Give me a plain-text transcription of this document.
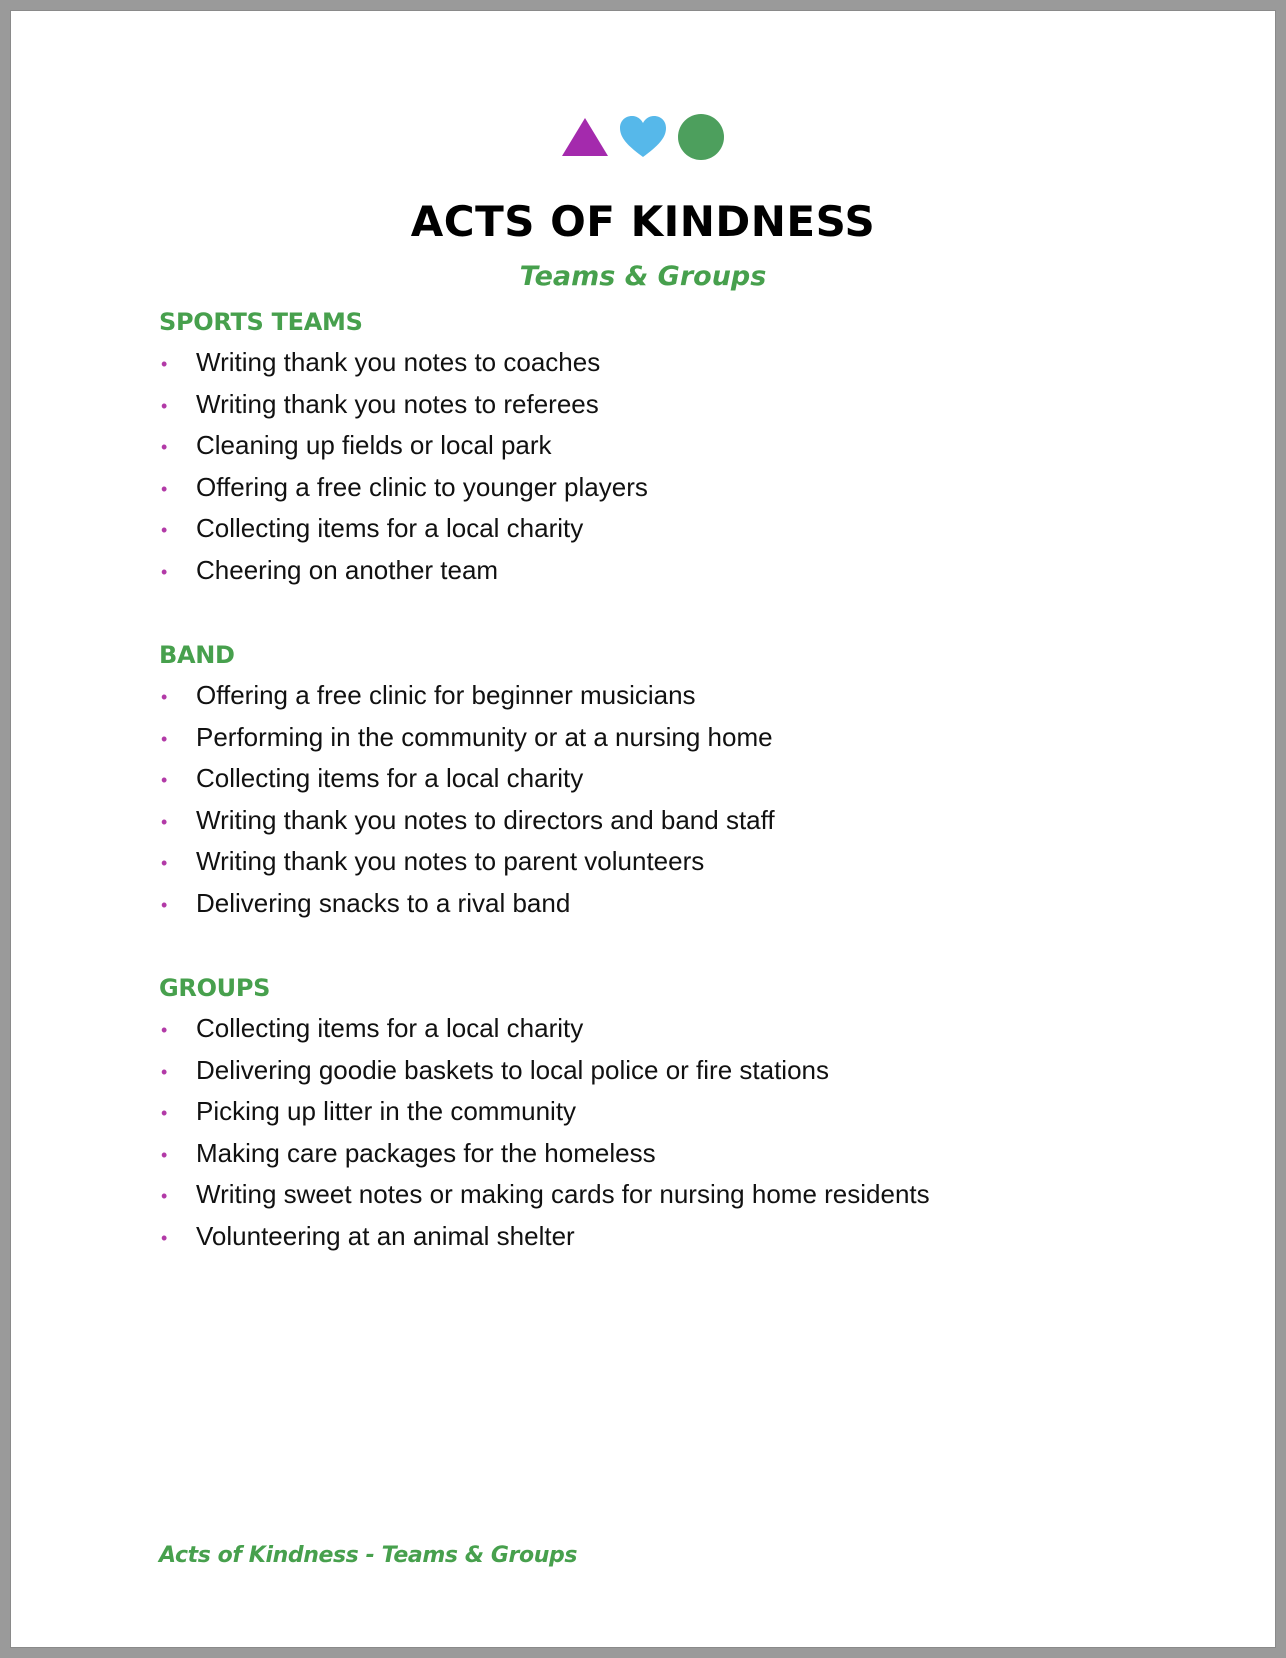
ACTS OF KINDNESS
Teams & Groups
SPORTS TEAMS
• Writing thank you notes to coaches
• Writing thank you notes to referees
• Cleaning up fields or local park
• Offering a free clinic to younger players
• Collecting items for a local charity
• Cheering on another team
BAND
• Offering a free clinic for beginner musicians
• Performing in the community or at a nursing home
• Collecting items for a local charity
• Writing thank you notes to directors and band staff
• Writing thank you notes to parent volunteers
• Delivering snacks to a rival band
GROUPS
• Collecting items for a local charity
• Delivering goodie baskets to local police or fire stations
• Picking up litter in the community
• Making care packages for the homeless
• Writing sweet notes or making cards for nursing home residents
• Volunteering at an animal shelter
Acts of Kindness - Teams & Groups
